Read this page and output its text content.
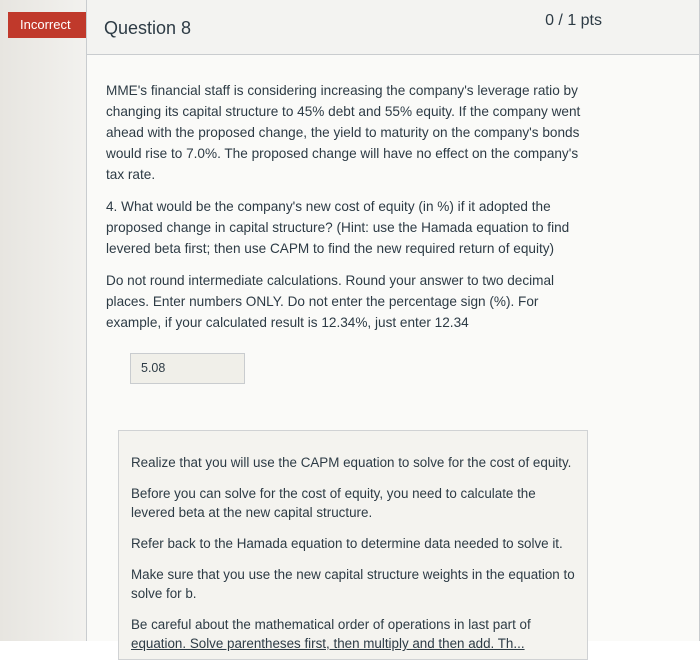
Incorrect	Question 8	0 / 1 pts

MME's financial staff is considering increasing the company's leverage ratio by changing its capital structure to 45% debt and 55% equity. If the company went ahead with the proposed change, the yield to maturity on the company's bonds would rise to 7.0%. The proposed change will have no effect on the company's tax rate.

4. What would be the company's new cost of equity (in %) if it adopted the proposed change in capital structure? (Hint: use the Hamada equation to find levered beta first; then use CAPM to find the new required return of equity)

Do not round intermediate calculations. Round your answer to two decimal places. Enter numbers ONLY. Do not enter the percentage sign (%). For example, if your calculated result is 12.34%, just enter 12.34

5.08

Realize that you will use the CAPM equation to solve for the cost of equity.

Before you can solve for the cost of equity, you need to calculate the levered beta at the new capital structure.

Refer back to the Hamada equation to determine data needed to solve it.

Make sure that you use the new capital structure weights in the equation to solve for b.

Be careful about the mathematical order of operations in last part of
equation. Solve parentheses first, then multiply and then add. Th...
